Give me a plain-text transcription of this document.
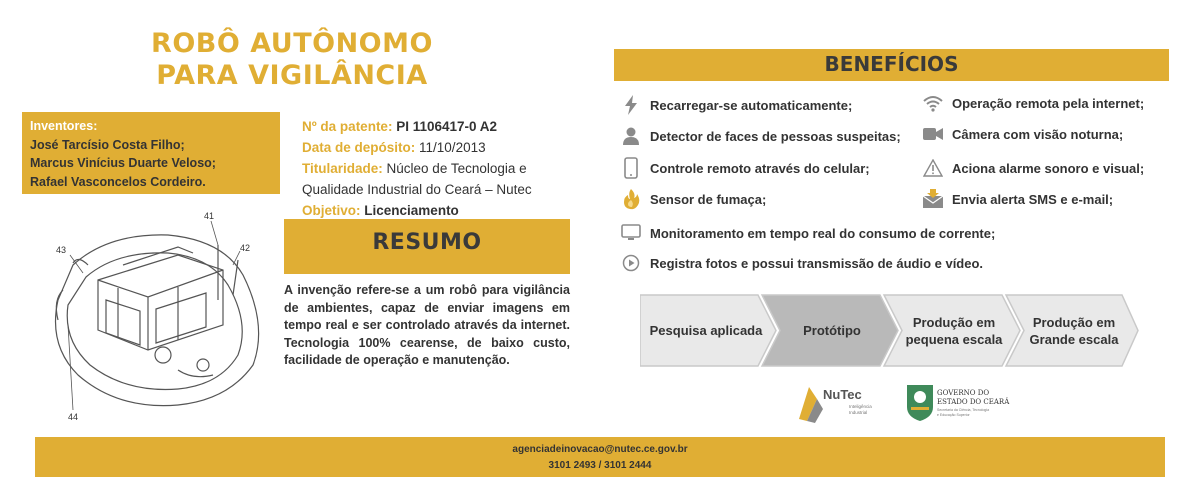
ROBÔ AUTÔNOMO
PARA VIGILÂNCIA
Inventores:
José Tarcísio Costa Filho;
Marcus Vinícius Duarte Veloso;
Rafael Vasconcelos Cordeiro.
Nº da patente: PI 1106417-0 A2
Data de depósito: 11/10/2013
Titularidade: Núcleo de Tecnologia e
Qualidade Industrial do Ceará – Nutec
Objetivo: Licenciamento
41
42
43
44
RESUMO
A invenção refere-se a um robô para vigilância de ambientes, capaz de enviar imagens em tempo real e ser controlado através da internet. Tecnologia 100% cearense, de baixo custo, facilidade de operação e manutenção.
BENEFÍCIOS
Recarregar-se automaticamente;	Operação remota pela internet;
Detector de faces de pessoas suspeitas;	Câmera com visão noturna;
Controle remoto através do celular;	Aciona alarme sonoro e visual;
Sensor de fumaça;	Envia alerta SMS e e-mail;
Monitoramento em tempo real do consumo de corrente;
Registra fotos e possui transmissão de áudio e vídeo.
Pesquisa aplicada	Protótipo
Produção em
pequena escala
Produção em
Grande escala
NuTec
Inteligência
Industrial
GOVERNO DO
ESTADO DO CEARÁ
Secretaria da Ciência, Tecnologia
e Educação Superior
agenciadeinovacao@nutec.ce.gov.br
3101 2493 / 3101 2444
